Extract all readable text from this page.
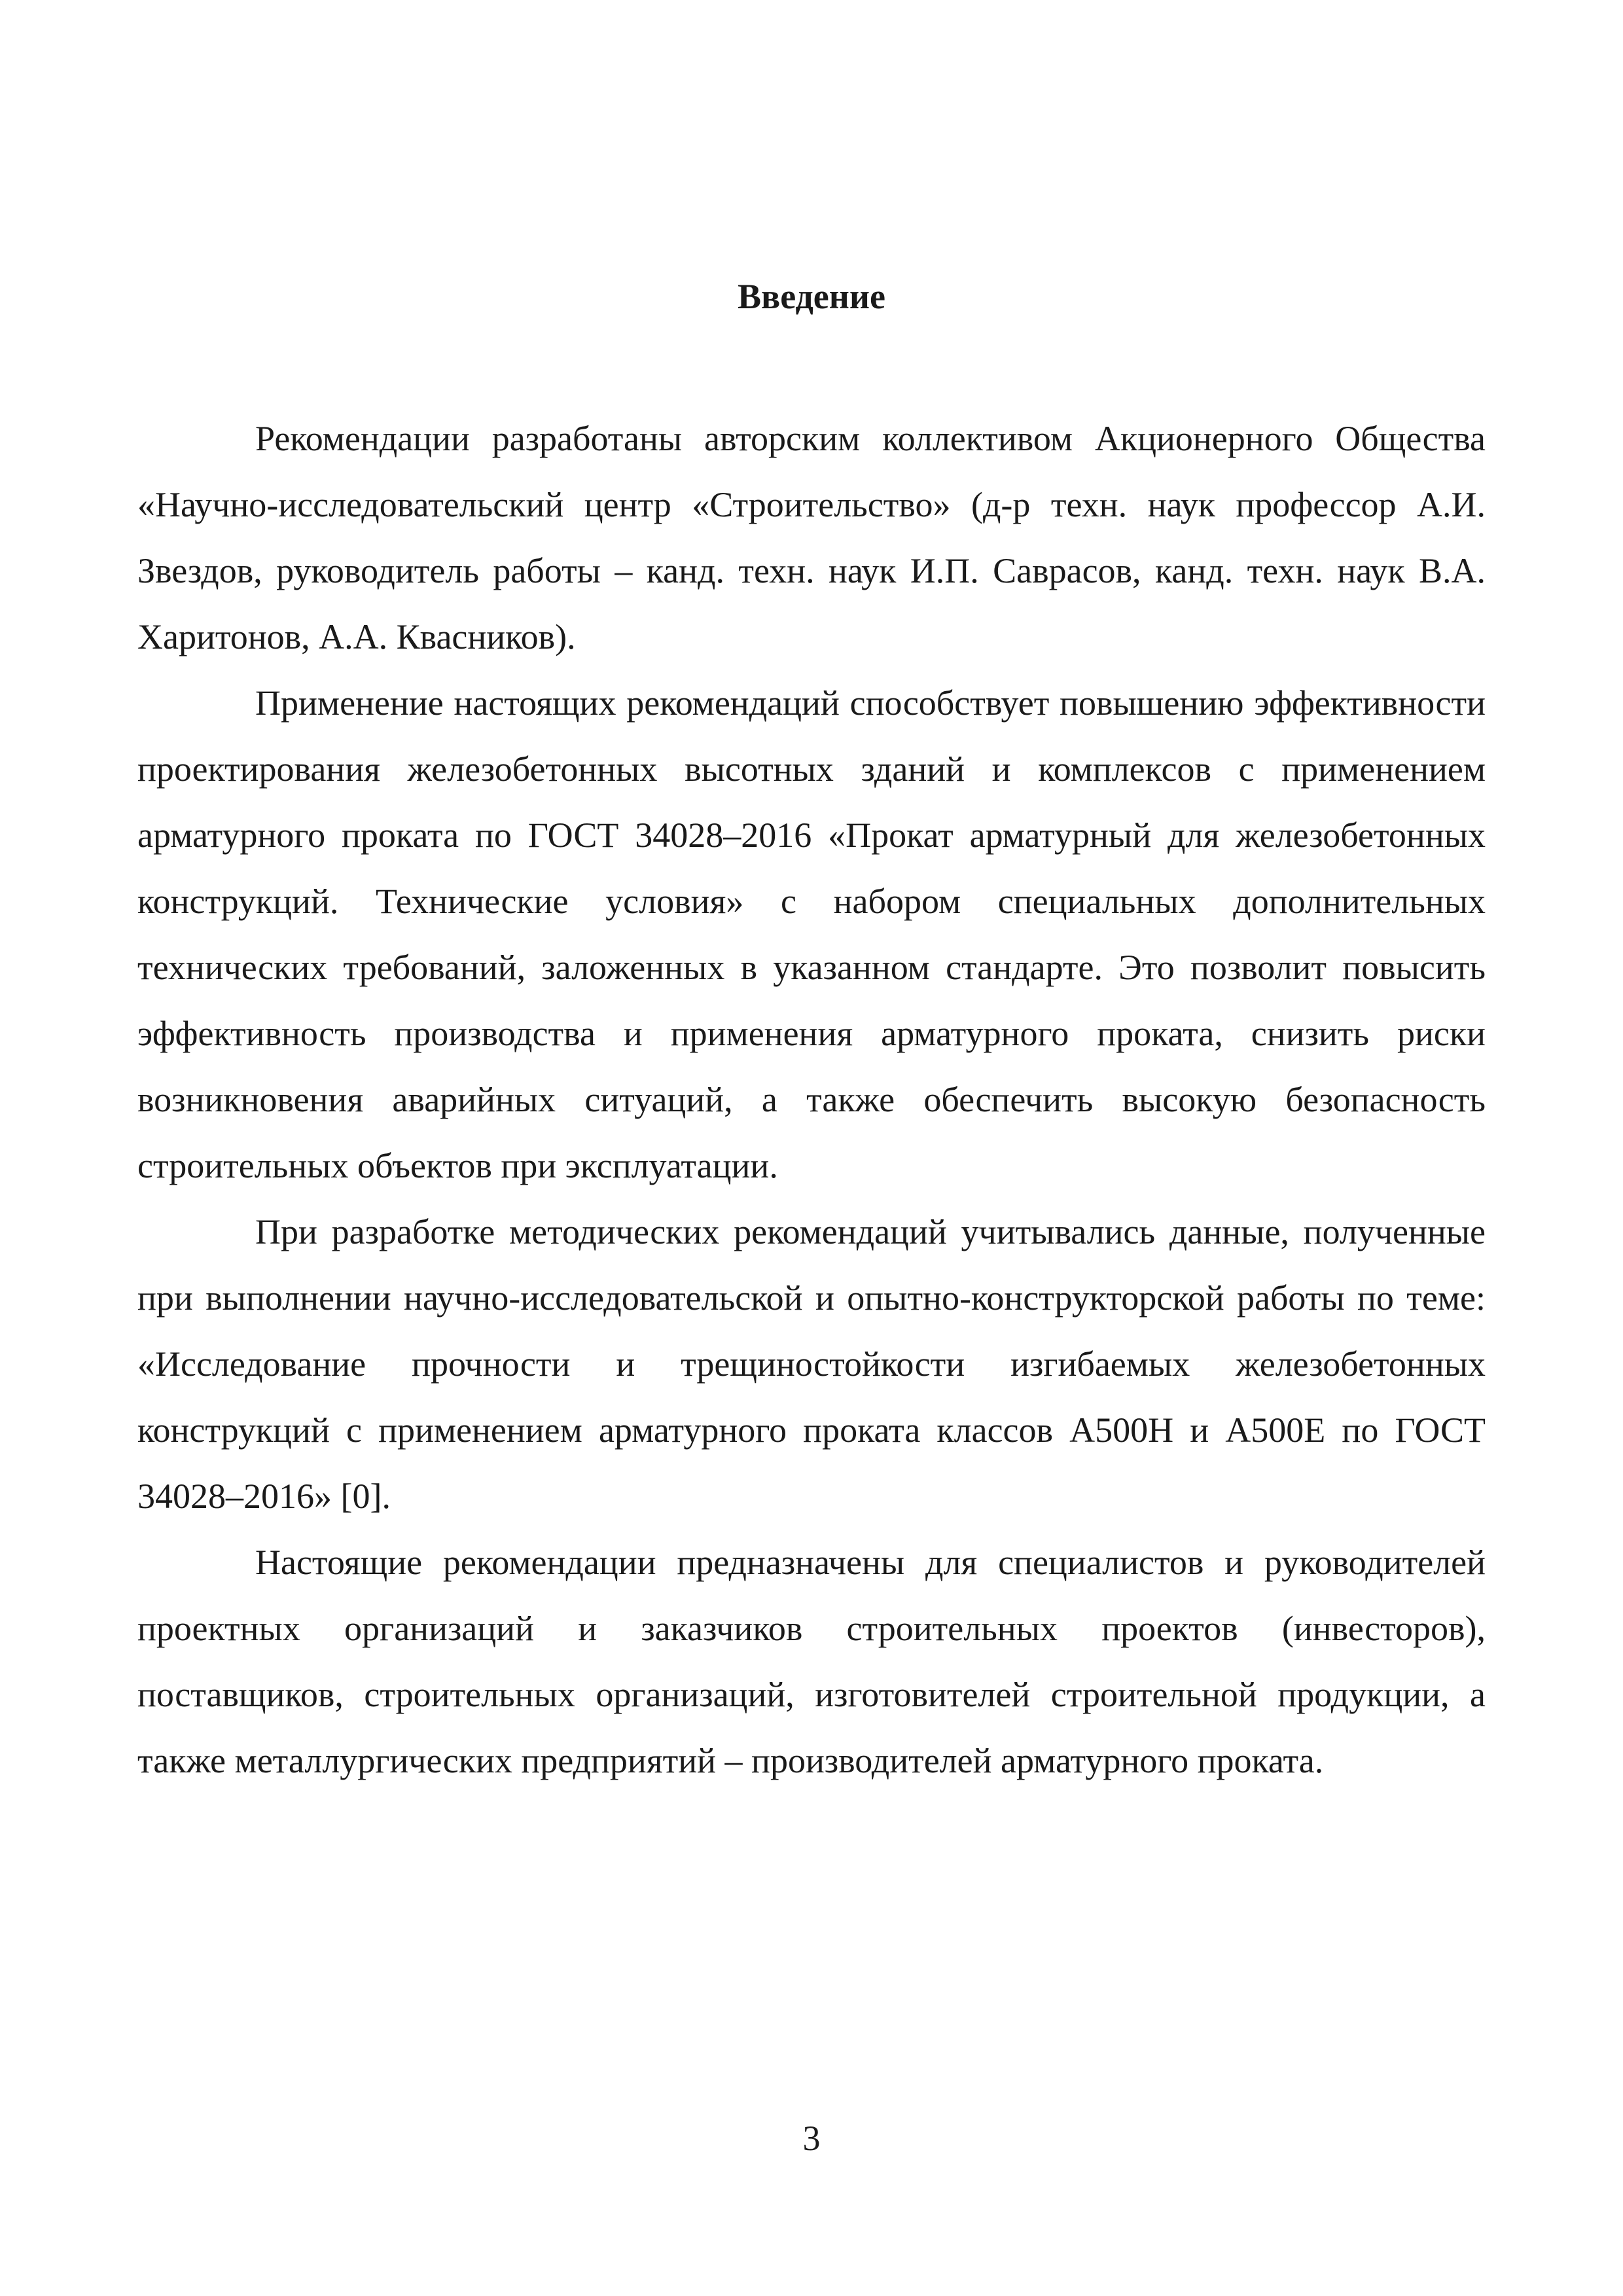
Введение

Рекомендации разработаны авторским коллективом Акционерного Общества «Научно-исследовательский центр «Строительство» (д-р техн. наук профессор А.И. Звездов, руководитель работы – канд. техн. наук И.П. Саврасов, канд. техн. наук В.А. Харитонов, А.А. Квасников).

Применение настоящих рекомендаций способствует повышению эффективности проектирования железобетонных высотных зданий и комплексов с применением арматурного проката по ГОСТ 34028–2016 «Прокат арматурный для железобетонных конструкций. Технические условия» с набором специальных дополнительных технических требований, заложенных в указанном стандарте. Это позволит повысить эффективность производства и применения арматурного проката, снизить риски возникновения аварийных ситуаций, а также обеспечить высокую безопасность строительных объектов при эксплуатации.

При разработке методических рекомендаций учитывались данные, полученные при выполнении научно-исследовательской и опытно-конструкторской работы по теме: «Исследование прочности и трещиностойкости изгибаемых железобетонных конструкций с применением арматурного проката классов А500Н и А500Е по ГОСТ 34028–2016» [0].

Настоящие рекомендации предназначены для специалистов и руководителей проектных организаций и заказчиков строительных проектов (инвесторов), поставщиков, строительных организаций, изготовителей строительной продукции, а также металлургических предприятий – производителей арматурного проката.

3
